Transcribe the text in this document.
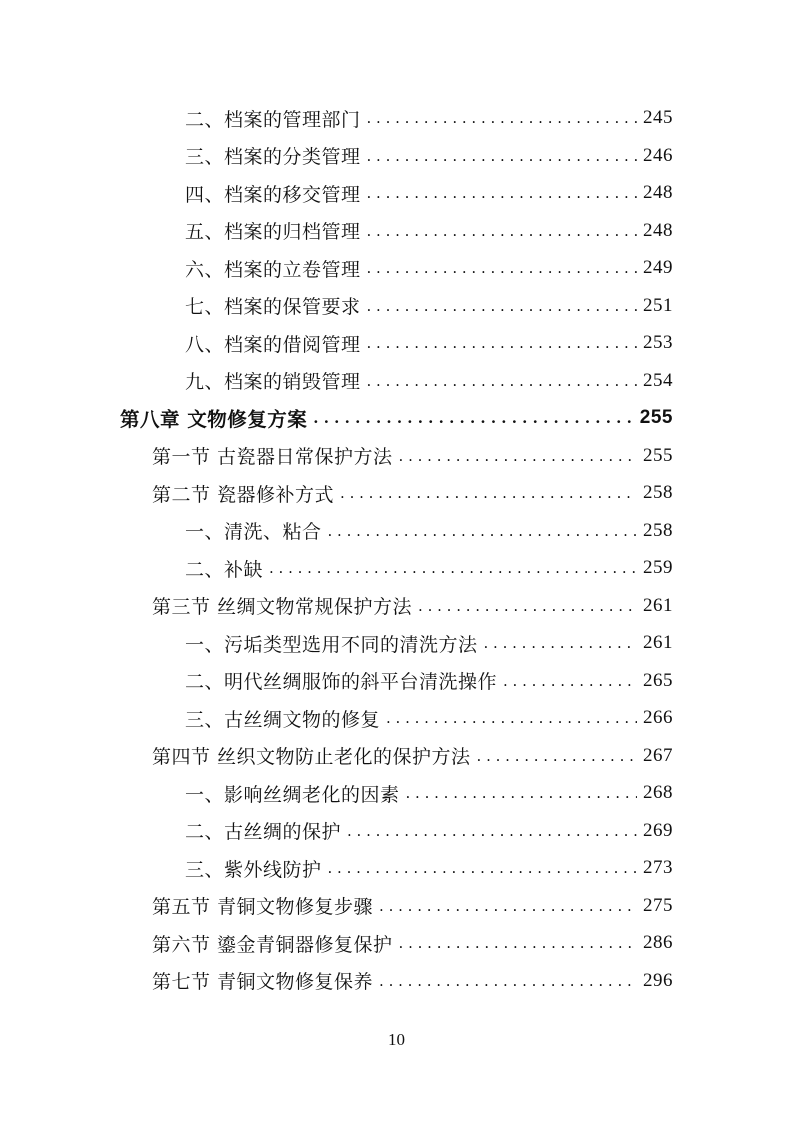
二、档案的管理部门 . . .	245
三、档案的分类管理 . . .	246
四、档案的移交管理 . . .	248
五、档案的归档管理 . . .	248
六、档案的立卷管理 . . .	249
七、档案的保管要求 . . .	251
八、档案的借阅管理 . . .	253
九、档案的销毁管理 . . .	254
第八章 文物修复方案 . . .	255
第一节 古瓷器日常保护方法 . . .	255
第二节 瓷器修补方式 . . .	258
一、清洗、粘合 . . .	258
二、补缺 . . .	259
第三节 丝绸文物常规保护方法 . . .	261
一、污垢类型选用不同的清洗方法 . . .	261
二、明代丝绸服饰的斜平台清洗操作 . . .	265
三、古丝绸文物的修复 . . .	266
第四节 丝织文物防止老化的保护方法 . . .	267
一、影响丝绸老化的因素 . . .	268
二、古丝绸的保护 . . .	269
三、紫外线防护 . . .	273
第五节 青铜文物修复步骤 . . .	275
第六节 鎏金青铜器修复保护 . . .	286
第七节 青铜文物修复保养 . . .	296
10
